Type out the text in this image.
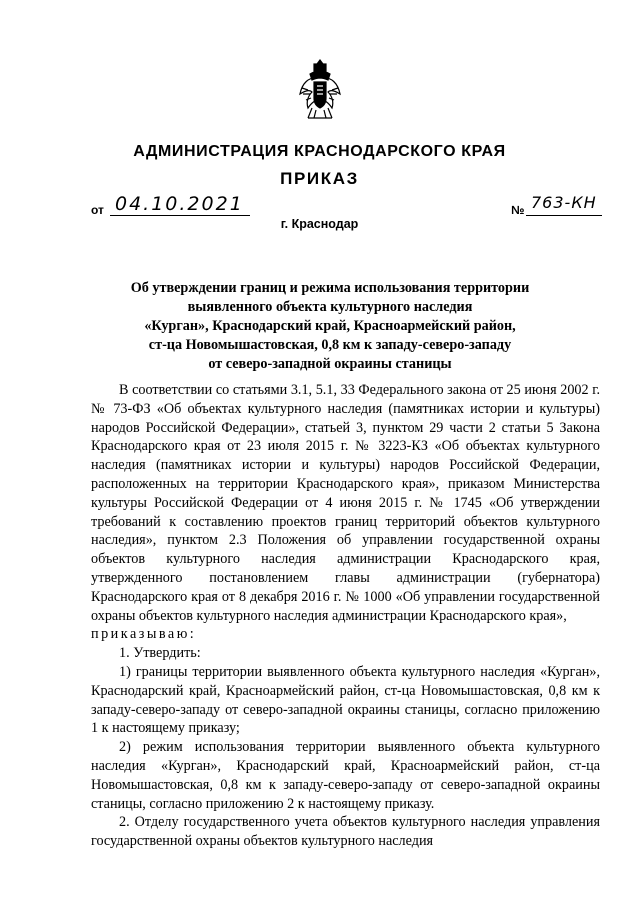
АДМИНИСТРАЦИЯ КРАСНОДАРСКОГО КРАЯ
ПРИКАЗ
от 04.10.2021	№ 763-КН
г. Краснодар
Об утверждении границ и режима использования территории
выявленного объекта культурного наследия
«Курган», Краснодарский край, Красноармейский район,
ст-ца Новомышастовская, 0,8 км к западу-северо-западу
от северо-западной окраины станицы

В соответствии со статьями 3.1, 5.1, 33 Федерального закона от 25 июня 2002 г. № 73-ФЗ «Об объектах культурного наследия (памятниках истории и культуры) народов Российской Федерации», статьей 3, пунктом 29 части 2 статьи 5 Закона Краснодарского края от 23 июля 2015 г. № 3223-КЗ «Об объектах культурного наследия (памятниках истории и культуры) народов Российской Федерации, расположенных на территории Краснодарского края», приказом Министерства культуры Российской Федерации от 4 июня 2015 г. № 1745 «Об утверждении требований к составлению проектов границ территорий объектов культурного наследия», пунктом 2.3 Положения об управлении государственной охраны объектов культурного наследия администрации Краснодарского края, утвержденного постановлением главы администрации (губернатора) Краснодарского края от 8 декабря 2016 г. № 1000 «Об управлении государственной охраны объектов культурного наследия администрации Краснодарского края»,

приказываю:

1. Утвердить:

1) границы территории выявленного объекта культурного наследия «Курган», Краснодарский край, Красноармейский район, ст-ца Новомышастовская, 0,8 км к западу-северо-западу от северо-западной окраины станицы, согласно приложению 1 к настоящему приказу;

2) режим использования территории выявленного объекта культурного наследия «Курган», Краснодарский край, Красноармейский район, ст-ца Новомышастовская, 0,8 км к западу-северо-западу от северо-западной окраины станицы, согласно приложению 2 к настоящему приказу.

2. Отделу государственного учета объектов культурного наследия управления государственной охраны объектов культурного наследия
